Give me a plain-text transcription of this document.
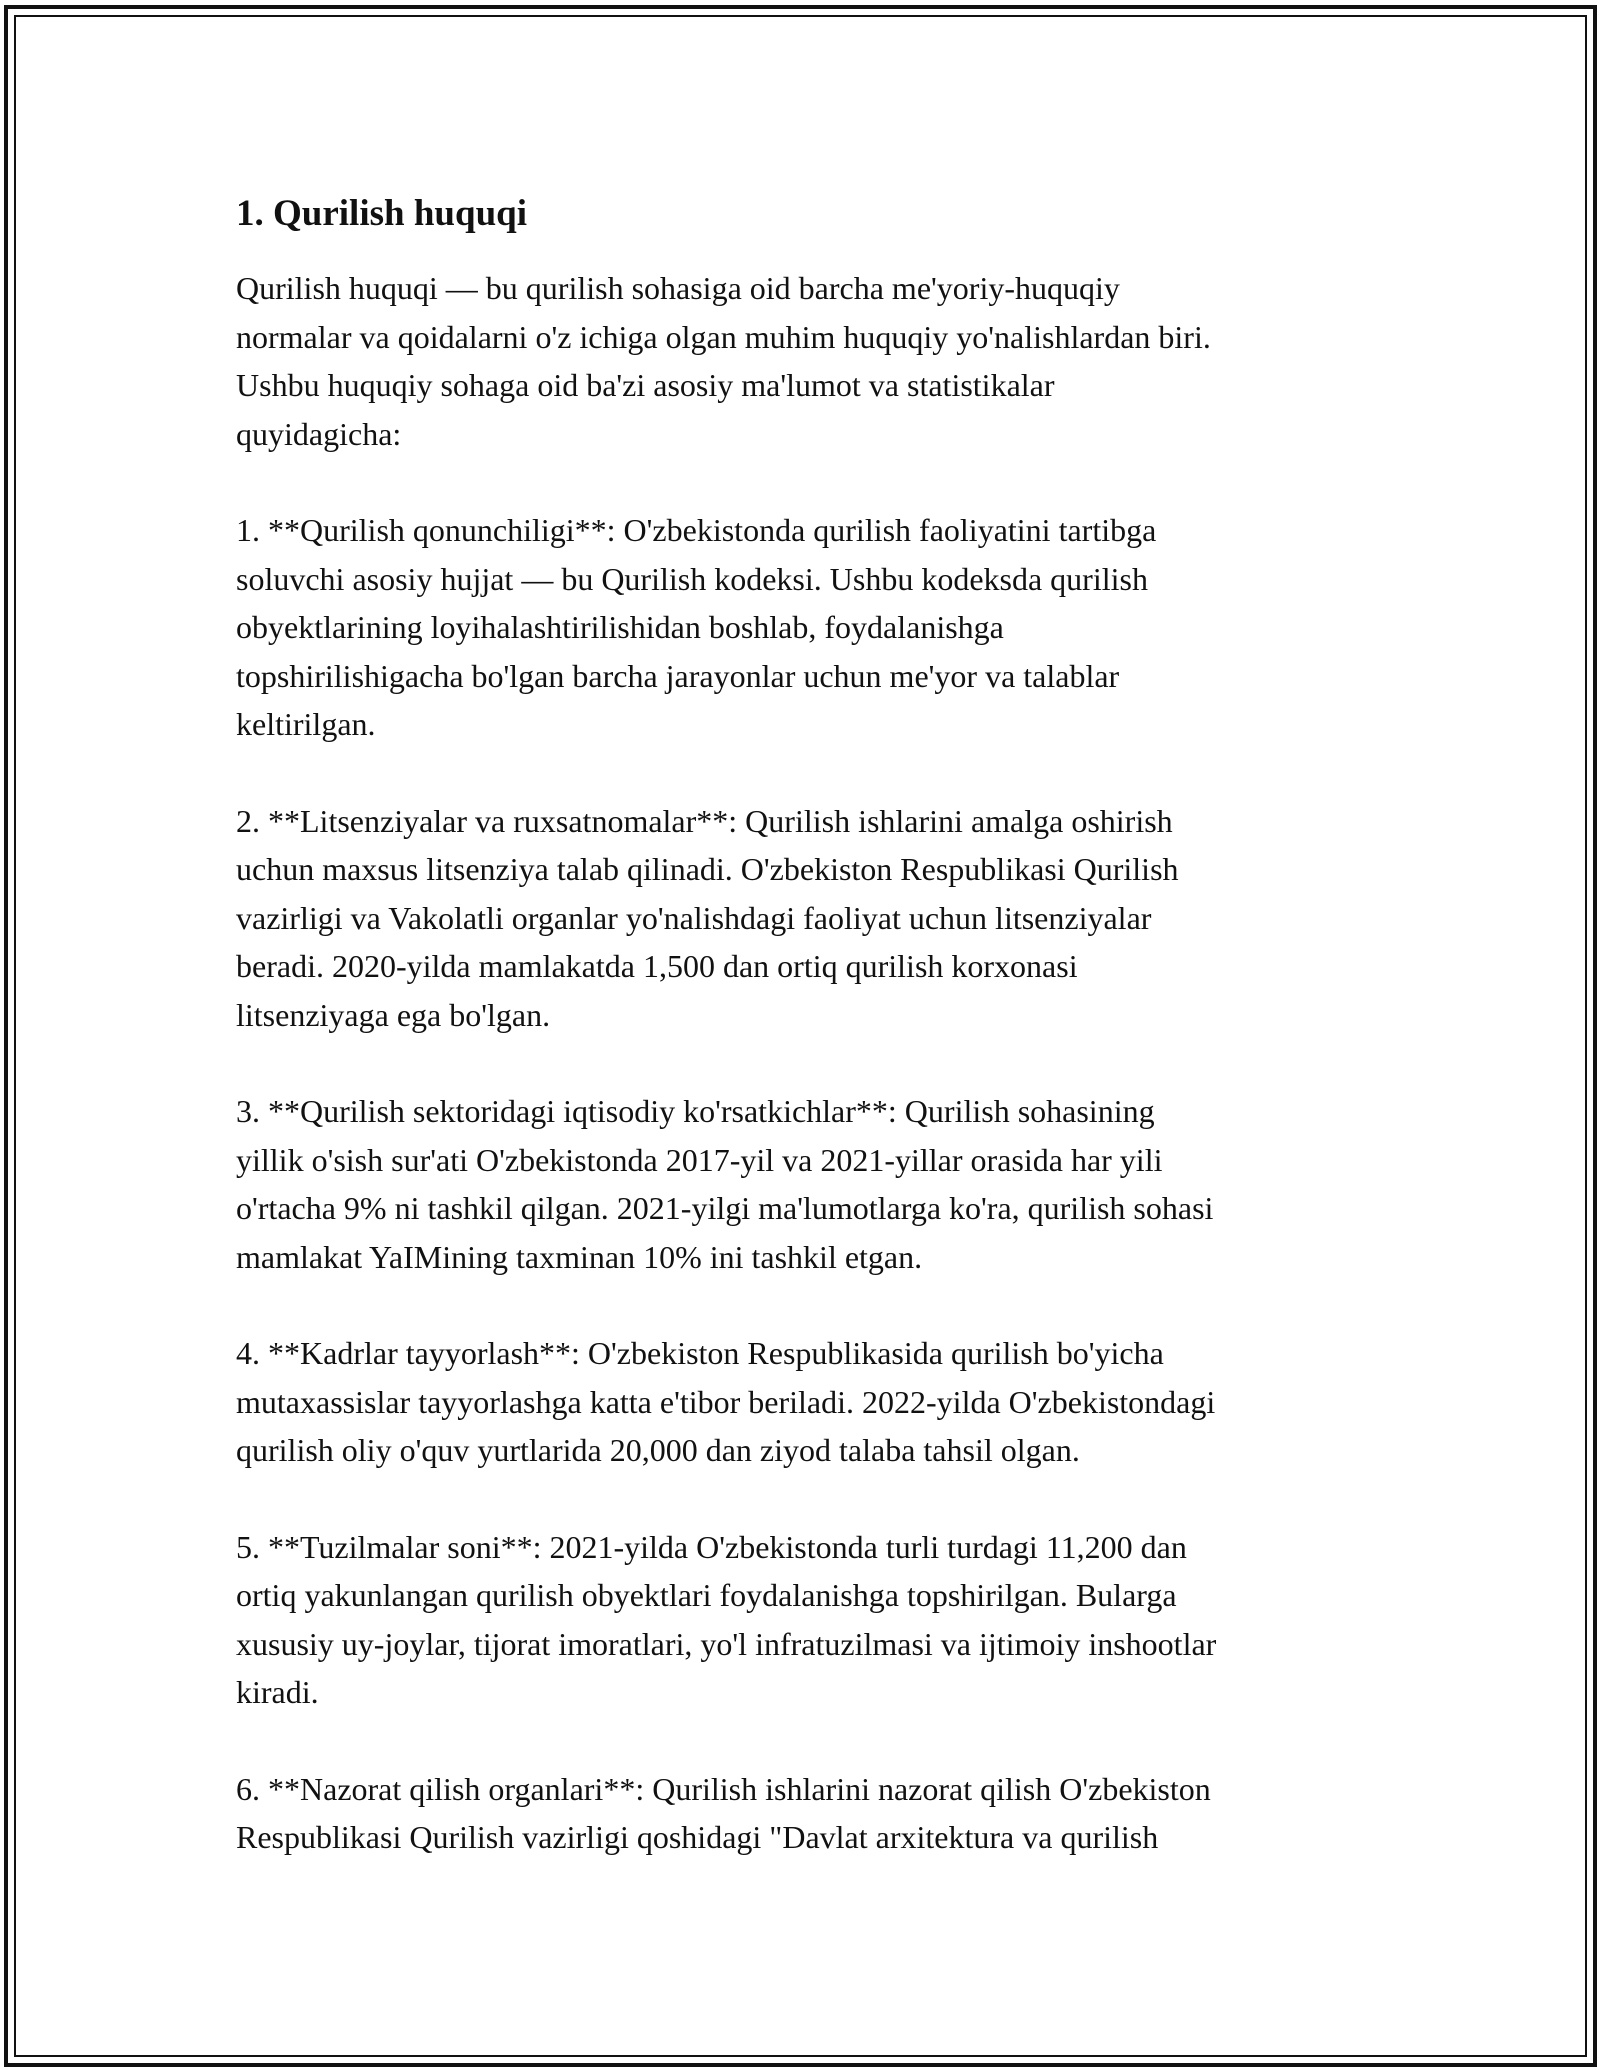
1. Qurilish huquqi

Qurilish huquqi — bu qurilish sohasiga oid barcha me'yoriy-huquqiy
normalar va qoidalarni o'z ichiga olgan muhim huquqiy yo'nalishlardan biri.
Ushbu huquqiy sohaga oid ba'zi asosiy ma'lumot va statistikalar
quyidagicha:

1. **Qurilish qonunchiligi**: O'zbekistonda qurilish faoliyatini tartibga
soluvchi asosiy hujjat — bu Qurilish kodeksi. Ushbu kodeksda qurilish
obyektlarining loyihalashtirilishidan boshlab, foydalanishga
topshirilishigacha bo'lgan barcha jarayonlar uchun me'yor va talablar
keltirilgan.

2. **Litsenziyalar va ruxsatnomalar**: Qurilish ishlarini amalga oshirish
uchun maxsus litsenziya talab qilinadi. O'zbekiston Respublikasi Qurilish
vazirligi va Vakolatli organlar yo'nalishdagi faoliyat uchun litsenziyalar
beradi. 2020-yilda mamlakatda 1,500 dan ortiq qurilish korxonasi
litsenziyaga ega bo'lgan.

3. **Qurilish sektoridagi iqtisodiy ko'rsatkichlar**: Qurilish sohasining
yillik o'sish sur'ati O'zbekistonda 2017-yil va 2021-yillar orasida har yili
o'rtacha 9% ni tashkil qilgan. 2021-yilgi ma'lumotlarga ko'ra, qurilish sohasi
mamlakat YaIMining taxminan 10% ini tashkil etgan.

4. **Kadrlar tayyorlash**: O'zbekiston Respublikasida qurilish bo'yicha
mutaxassislar tayyorlashga katta e'tibor beriladi. 2022-yilda O'zbekistondagi
qurilish oliy o'quv yurtlarida 20,000 dan ziyod talaba tahsil olgan.

5. **Tuzilmalar soni**: 2021-yilda O'zbekistonda turli turdagi 11,200 dan
ortiq yakunlangan qurilish obyektlari foydalanishga topshirilgan. Bularga
xususiy uy-joylar, tijorat imoratlari, yo'l infratuzilmasi va ijtimoiy inshootlar
kiradi.

6. **Nazorat qilish organlari**: Qurilish ishlarini nazorat qilish O'zbekiston
Respublikasi Qurilish vazirligi qoshidagi "Davlat arxitektura va qurilish
